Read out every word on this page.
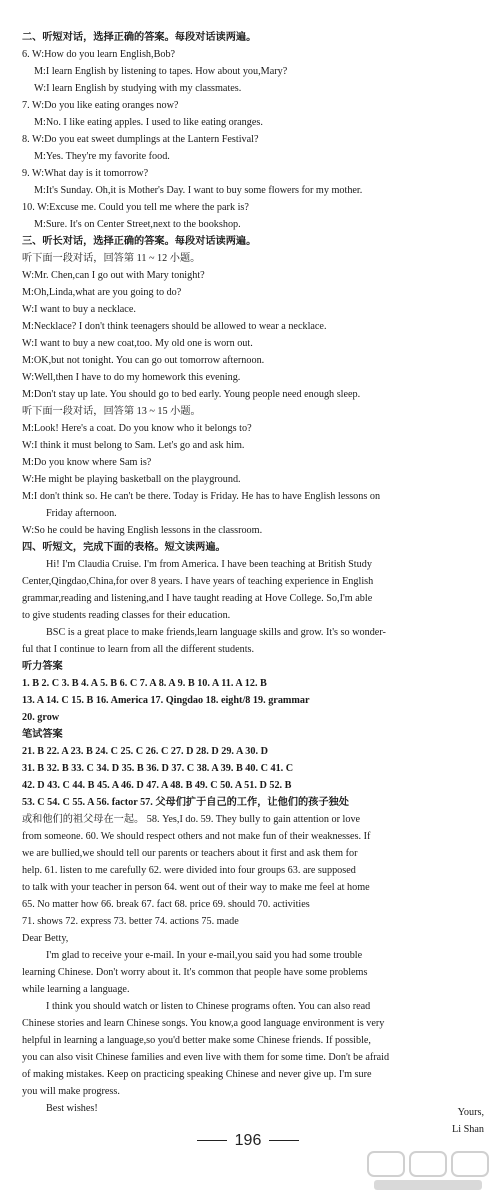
二、听短对话，选择正确的答案。每段对话读两遍。
6. W:How do you learn English,Bob?
M:I learn English by listening to tapes. How about you,Mary?
W:I learn English by studying with my classmates.
7. W:Do you like eating oranges now?
M:No. I like eating apples. I used to like eating oranges.
8. W:Do you eat sweet dumplings at the Lantern Festival?
M:Yes. They're my favorite food.
9. W:What day is it tomorrow?
M:It's Sunday. Oh,it is Mother's Day. I want to buy some flowers for my mother.
10. W:Excuse me. Could you tell me where the park is?
M:Sure. It's on Center Street,next to the bookshop.
三、听长对话，选择正确的答案。每段对话读两遍。
听下面一段对话，回答第 11 ~ 12 小题。
W:Mr. Chen,can I go out with Mary tonight?
M:Oh,Linda,what are you going to do?
W:I want to buy a necklace.
M:Necklace? I don't think teenagers should be allowed to wear a necklace.
W:I want to buy a new coat,too. My old one is worn out.
M:OK,but not tonight. You can go out tomorrow afternoon.
W:Well,then I have to do my homework this evening.
M:Don't stay up late. You should go to bed early. Young people need enough sleep.
听下面一段对话，回答第 13 ~ 15 小题。
M:Look! Here's a coat. Do you know who it belongs to?
W:I think it must belong to Sam. Let's go and ask him.
M:Do you know where Sam is?
W:He might be playing basketball on the playground.
M:I don't think so. He can't be there. Today is Friday. He has to have English lessons on
Friday afternoon.
W:So he could be having English lessons in the classroom.
四、听短文，完成下面的表格。短文读两遍。
Hi! I'm Claudia Cruise. I'm from America. I have been teaching at British Study
Center,Qingdao,China,for over 8 years. I have years of teaching experience in English
grammar,reading and listening,and I have taught reading at Hove College. So,I'm able
to give students reading classes for their education.
BSC is a great place to make friends,learn language skills and grow. It's so wonder-
ful that I continue to learn from all the different students.
听力答案
1. B 2. C 3. B 4. A 5. B 6. C 7. A 8. A 9. B 10. A 11. A 12. B
13. A 14. C 15. B 16. America 17. Qingdao 18. eight/8 19. grammar
20. grow
笔试答案
21. B 22. A 23. B 24. C 25. C 26. C 27. D 28. D 29. A 30. D
31. B 32. B 33. C 34. D 35. B 36. D 37. C 38. A 39. B 40. C 41. C
42. D 43. C 44. B 45. A 46. D 47. A 48. B 49. C 50. A 51. D 52. B
53. C 54. C 55. A 56. factor 57. 父母们扩于自己的工作，让他们的孩子独处
或和他们的祖父母在一起。 58. Yes,I do. 59. They bully to gain attention or love
from someone. 60. We should respect others and not make fun of their weaknesses. If
we are bullied,we should tell our parents or teachers about it first and ask them for
help. 61. listen to me carefully 62. were divided into four groups 63. are supposed
to talk with your teacher in person 64. went out of their way to make me feel at home
65. No matter how 66. break 67. fact 68. price 69. should 70. activities
71. shows 72. express 73. better 74. actions 75. made
Dear Betty,
I'm glad to receive your e-mail. In your e-mail,you said you had some trouble
learning Chinese. Don't worry about it. It's common that people have some problems
while learning a language.
I think you should watch or listen to Chinese programs often. You can also read
Chinese stories and learn Chinese songs. You know,a good language environment is very
helpful in learning a language,so you'd better make some Chinese friends. If possible,
you can also visit Chinese families and even live with them for some time. Don't be afraid
of making mistakes. Keep on practicing speaking Chinese and never give up. I'm sure
you will make progress.
Best wishes!	Yours,
Li Shan
196
